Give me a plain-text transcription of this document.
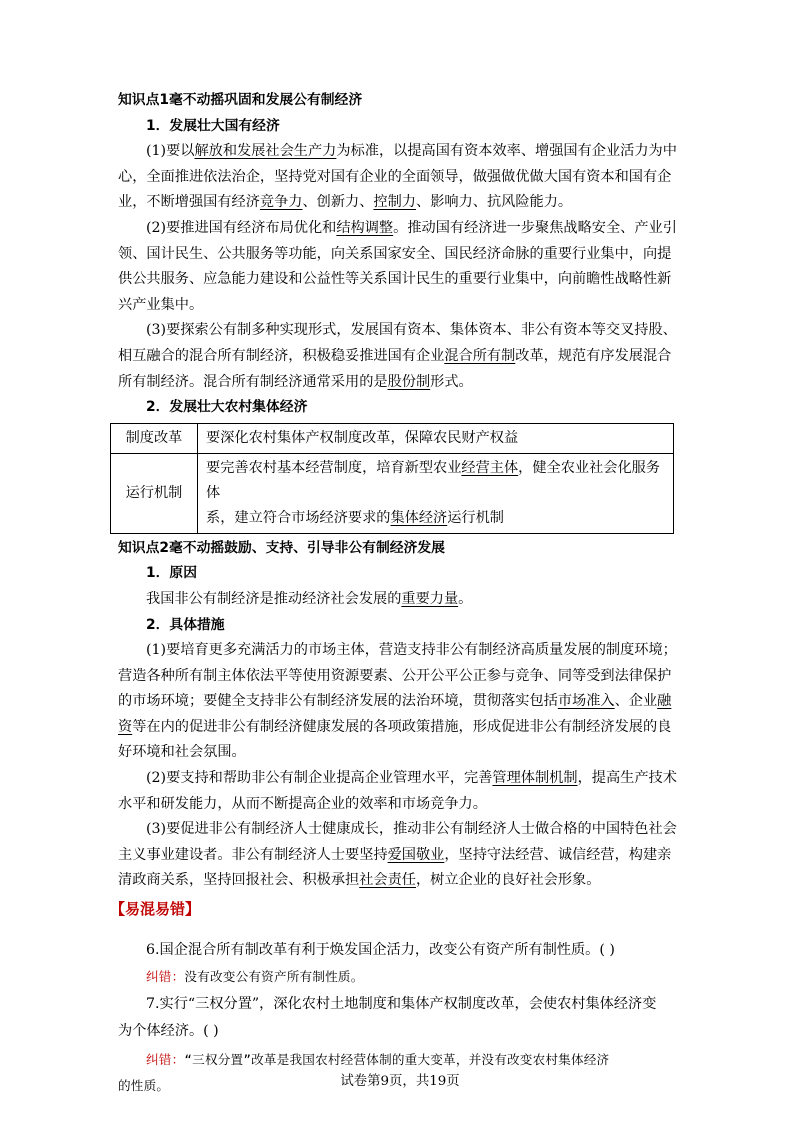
知识点1毫不动摇巩固和发展公有制经济

1．发展壮大国有经济

(1)要以解放和发展社会生产力为标准，以提高国有资本效率、增强国有企业活力为中

心，全面推进依法治企，坚持党对国有企业的全面领导，做强做优做大国有资本和国有企

业，不断增强国有经济竞争力、创新力、控制力、影响力、抗风险能力。

(2)要推进国有经济布局优化和结构调整。推动国有经济进一步聚焦战略安全、产业引

领、国计民生、公共服务等功能，向关系国家安全、国民经济命脉的重要行业集中，向提

供公共服务、应急能力建设和公益性等关系国计民生的重要行业集中，向前瞻性战略性新

兴产业集中。

(3)要探索公有制多种实现形式，发展国有资本、集体资本、非公有资本等交叉持股、

相互融合的混合所有制经济，积极稳妥推进国有企业混合所有制改革，规范有序发展混合

所有制经济。混合所有制经济通常采用的是股份制形式。

2．发展壮大农村集体经济

制度改革	要深化农村集体产权制度改革，保障农民财产权益
运行机制	要完善农村基本经营制度，培育新型农业经营主体，健全农业社会化服务体
系，建立符合市场经济要求的集体经济运行机制

知识点2毫不动摇鼓励、支持、引导非公有制经济发展

1．原因

我国非公有制经济是推动经济社会发展的重要力量。

2．具体措施

(1)要培育更多充满活力的市场主体，营造支持非公有制经济高质量发展的制度环境；

营造各种所有制主体依法平等使用资源要素、公开公平公正参与竞争、同等受到法律保护

的市场环境；要健全支持非公有制经济发展的法治环境，贯彻落实包括市场准入、企业融

资等在内的促进非公有制经济健康发展的各项政策措施，形成促进非公有制经济发展的良

好环境和社会氛围。

(2)要支持和帮助非公有制企业提高企业管理水平，完善管理体制机制，提高生产技术

水平和研发能力，从而不断提高企业的效率和市场竞争力。

(3)要促进非公有制经济人士健康成长，推动非公有制经济人士做合格的中国特色社会

主义事业建设者。非公有制经济人士要坚持爱国敬业，坚持守法经营、诚信经营，构建亲

清政商关系，坚持回报社会、积极承担社会责任，树立企业的良好社会形象。

【易混易错】

6.国企混合所有制改革有利于焕发国企活力，改变公有资产所有制性质。( )

纠错：没有改变公有资产所有制性质。

7.实行“三权分置”，深化农村土地制度和集体产权制度改革，会使农村集体经济变

为个体经济。( )

纠错：“三权分置”改革是我国农村经营体制的重大变革，并没有改变农村集体经济

的性质。	试卷第9页，共19页
